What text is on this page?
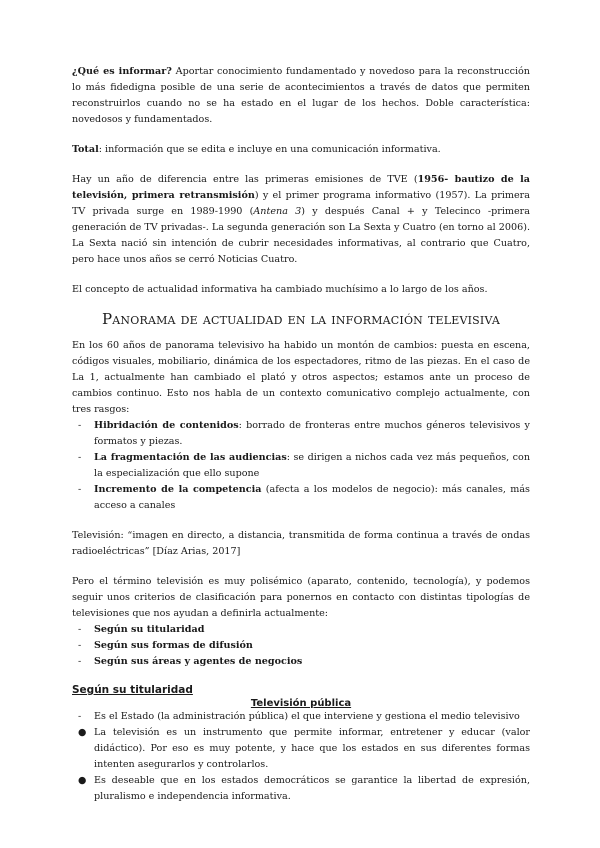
¿Qué es informar? Aportar conocimiento fundamentado y novedoso para la reconstrucción lo más fidedigna posible de una serie de acontecimientos a través de datos que permiten reconstruirlos cuando no se ha estado en el lugar de los hechos. Doble característica: novedosos y fundamentados.

Total: información que se edita e incluye en una comunicación informativa.

Hay un año de diferencia entre las primeras emisiones de TVE (1956- bautizo de la televisión, primera retransmisión) y el primer programa informativo (1957). La primera TV privada surge en 1989-1990 (Antena 3) y después Canal + y Telecinco -primera generación de TV privadas-. La segunda generación son La Sexta y Cuatro (en torno al 2006). La Sexta nació sin intención de cubrir necesidades informativas, al contrario que Cuatro, pero hace unos años se cerró Noticias Cuatro.

El concepto de actualidad informativa ha cambiado muchísimo a lo largo de los años.

Panorama de actualidad en la información televisiva

En los 60 años de panorama televisivo ha habido un montón de cambios: puesta en escena, códigos visuales, mobiliario, dinámica de los espectadores, ritmo de las piezas. En el caso de La 1, actualmente han cambiado el plató y otros aspectos; estamos ante un proceso de cambios continuo. Esto nos habla de un contexto comunicativo complejo actualmente, con tres rasgos:

- Hibridación de contenidos: borrado de fronteras entre muchos géneros televisivos y formatos y piezas.
- La fragmentación de las audiencias: se dirigen a nichos cada vez más pequeños, con la especialización que ello supone
- Incremento de la competencia (afecta a los modelos de negocio): más canales, más acceso a canales

Televisión: “imagen en directo, a distancia, transmitida de forma continua a través de ondas radioeléctricas” [Díaz Arias, 2017]

Pero el término televisión es muy polisémico (aparato, contenido, tecnología), y podemos seguir unos criterios de clasificación para ponernos en contacto con distintas tipologías de televisiones que nos ayudan a definirla actualmente:

- Según su titularidad
- Según sus formas de difusión
- Según sus áreas y agentes de negocios
Según su titularidad
Televisión pública
- Es el Estado (la administración pública) el que interviene y gestiona el medio televisivo
● La televisión es un instrumento que permite informar, entretener y educar (valor didáctico). Por eso es muy potente, y hace que los estados en sus diferentes formas intenten asegurarlos y controlarlos.
● Es deseable que en los estados democráticos se garantice la libertad de expresión, pluralismo e independencia informativa.
